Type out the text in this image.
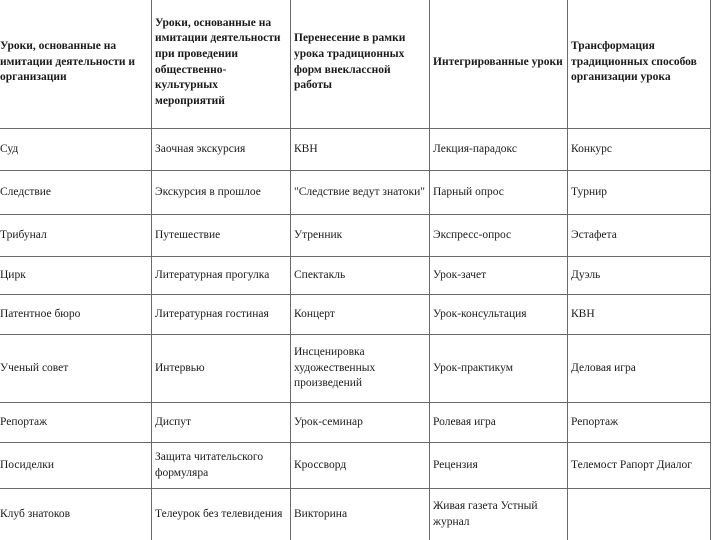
Уроки, основанные на имитации деятельности и организации	Уроки, основанные на имитации деятельности при проведении общественно-культурных мероприятий	Перенесение в рамки урока традиционных форм внеклассной работы	Интегрированные уроки	Трансформация традиционных способов организации урока
Суд	Заочная экскурсия	КВН	Лекция-парадокс	Конкурс
Следствие	Экскурсия в прошлое	"Следствие ведут знатоки"	Парный опрос	Турнир
Трибунал	Путешествие	Утренник	Экспресс-опрос	Эстафета
Цирк	Литературная прогулка	Спектакль	Урок-зачет	Дуэль
Патентное бюро	Литературная гостиная	Концерт	Урок-консультация	КВН
Ученый совет	Интервью	Инсценировка художественных произведений	Урок-практикум	Деловая игра
Репортаж	Диспут	Урок-семинар	Ролевая игра	Репортаж
Посиделки	Защита читательского формуляра	Кроссворд	Рецензия	Телемост Рапорт Диалог
Клуб знатоков	Телеурок без телевидения	Викторина	Живая газета Устный журнал	
